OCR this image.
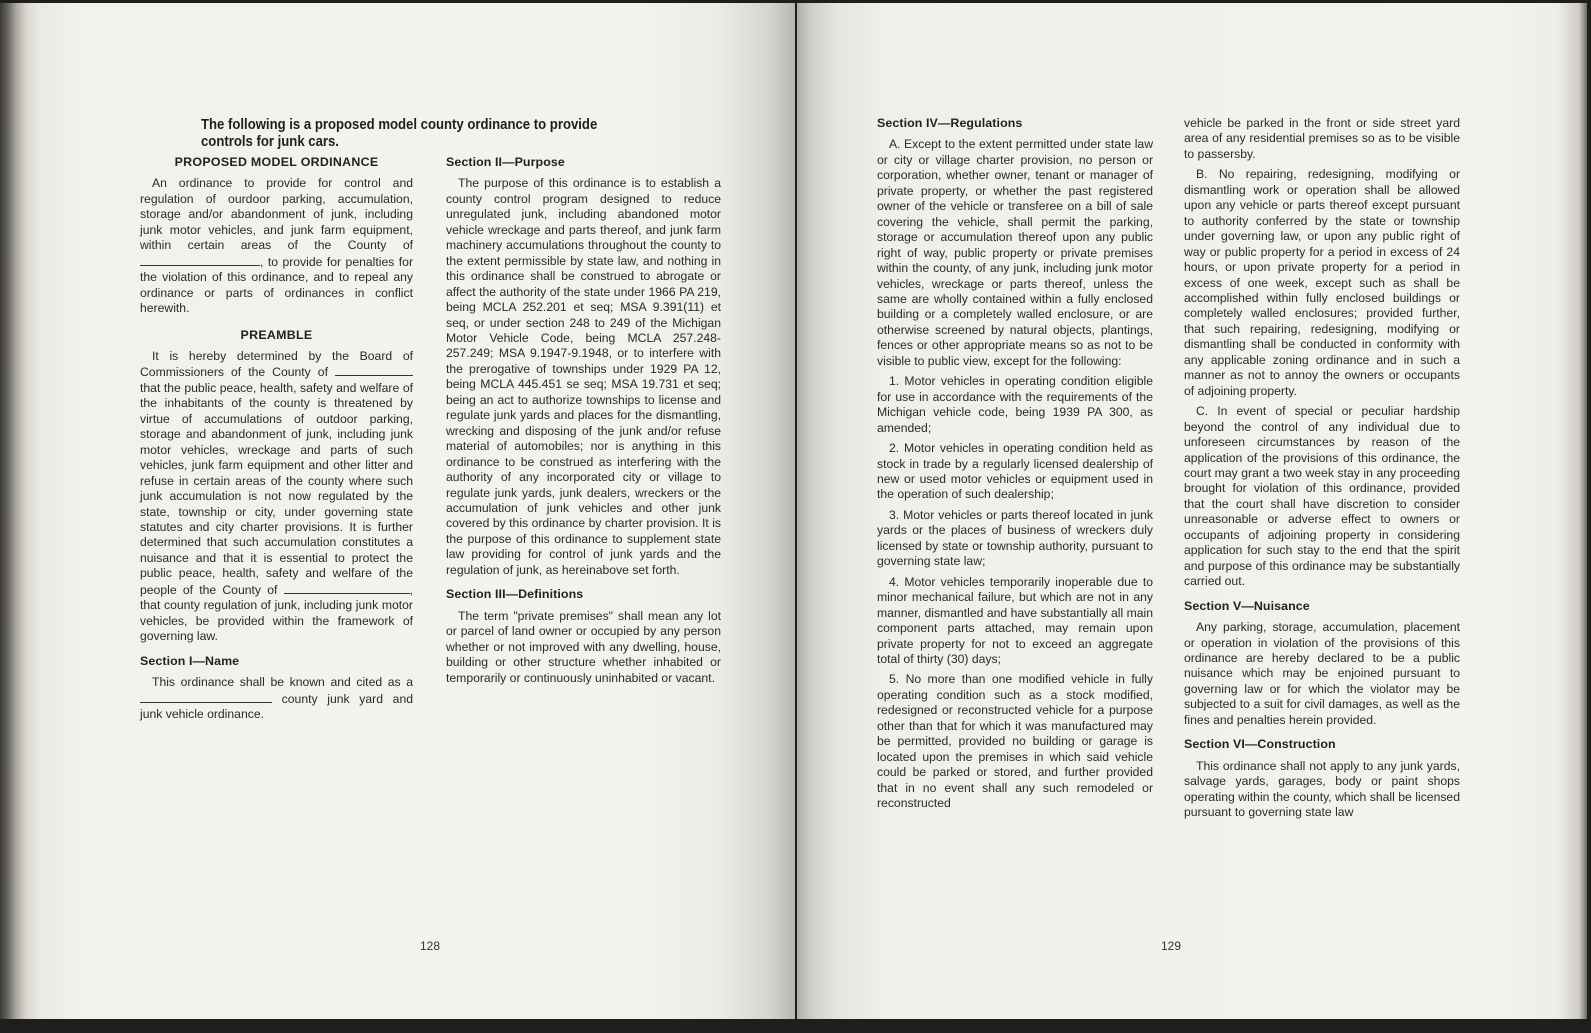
The following is a proposed model county ordinance to provide controls for junk cars.
PROPOSED MODEL ORDINANCE

An ordinance to provide for control and regulation of ourdoor parking, accumulation, storage and/or abandonment of junk, including junk motor vehicles, and junk farm equipment, within certain areas of the County of , to provide for penalties for the violation of this ordinance, and to repeal any ordinance or parts of ordinances in conflict herewith.

PREAMBLE

It is hereby determined by the Board of Commissioners of the County of  that the public peace, health, safety and welfare of the inhabitants of the county is threatened by virtue of accumulations of outdoor parking, storage and abandonment of junk, including junk motor vehicles, wreckage and parts of such vehicles, junk farm equipment and other litter and refuse in certain areas of the county where such junk accumulation is not now regulated by the state, township or city, under governing state statutes and city charter provisions. It is further determined that such accumulation constitutes a nuisance and that it is essential to protect the public peace, health, safety and welfare of the people of the County of	, that county regulation of junk, including junk motor vehicles, be provided within the framework of governing law.

Section I—Name

This ordinance shall be known and cited as a  county junk yard and junk vehicle ordinance.

Section II—Purpose

The purpose of this ordinance is to establish a county control program designed to reduce unregulated junk, including abandoned motor vehicle wreckage and parts thereof, and junk farm machinery accumulations throughout the county to the extent permissible by state law, and nothing in this ordinance shall be construed to abrogate or affect the authority of the state under 1966 PA 219, being MCLA 252.201 et seq; MSA 9.391(11) et seq, or under section 248 to 249 of the Michigan Motor Vehicle Code, being MCLA 257.248-257.249; MSA 9.1947-9.1948, or to interfere with the prerogative of townships under 1929 PA 12, being MCLA 445.451 se seq; MSA 19.731 et seq; being an act to authorize townships to license and regulate junk yards and places for the dismantling, wrecking and disposing of the junk and/or refuse material of automobiles; nor is anything in this ordinance to be construed as interfering with the authority of any incorporated city or village to regulate junk yards, junk dealers, wreckers or the accumulation of junk vehicles and other junk covered by this ordinance by charter provision. It is the purpose of this ordinance to supplement state law providing for control of junk yards and the regulation of junk, as hereinabove set forth.

Section III—Definitions

The term "private premises" shall mean any lot or parcel of land owner or occupied by any person whether or not improved with any dwelling, house, building or other structure whether inhabited or temporarily or continuously uninhabited or vacant.

128
Section IV—Regulations

A. Except to the extent permitted under state law or city or village charter provision, no person or corporation, whether owner, tenant or manager of private property, or whether the past registered owner of the vehicle or transferee on a bill of sale covering the vehicle, shall permit the parking, storage or accumulation thereof upon any public right of way, public property or private premises within the county, of any junk, including junk motor vehicles, wreckage or parts thereof, unless the same are wholly contained within a fully enclosed building or a completely walled enclosure, or are otherwise screened by natural objects, plantings, fences or other appropriate means so as not to be visible to public view, except for the following:

1. Motor vehicles in operating condition eligible for use in accordance with the requirements of the Michigan vehicle code, being 1939 PA 300, as amended;

2. Motor vehicles in operating condition held as stock in trade by a regularly licensed dealership of new or used motor vehicles or equipment used in the operation of such dealership;

3. Motor vehicles or parts thereof located in junk yards or the places of business of wreckers duly licensed by state or township authority, pursuant to governing state law;

4. Motor vehicles temporarily inoperable due to minor mechanical failure, but which are not in any manner, dismantled and have substantially all main component parts attached, may remain upon private property for not to exceed an aggregate total of thirty (30) days;

5. No more than one modified vehicle in fully operating condition such as a stock modified, redesigned or reconstructed vehicle for a purpose other than that for which it was manufactured may be permitted, provided no building or garage is located upon the premises in which said vehicle could be parked or stored, and further provided that in no event shall any such remodeled or reconstructed

vehicle be parked in the front or side street yard area of any residential premises so as to be visible to passersby.

B. No repairing, redesigning, modifying or dismantling work or operation shall be allowed upon any vehicle or parts thereof except pursuant to authority conferred by the state or township under governing law, or upon any public right of way or public property for a period in excess of 24 hours, or upon private property for a period in excess of one week, except such as shall be accomplished within fully enclosed buildings or completely walled enclosures; provided further, that such repairing, redesigning, modifying or dismantling shall be conducted in conformity with any applicable zoning ordinance and in such a manner as not to annoy the owners or occupants of adjoining property.

C. In event of special or peculiar hardship beyond the control of any individual due to unforeseen circumstances by reason of the application of the provisions of this ordinance, the court may grant a two week stay in any proceeding brought for violation of this ordinance, provided that the court shall have discretion to consider unreasonable or adverse effect to owners or occupants of adjoining property in considering application for such stay to the end that the spirit and purpose of this ordinance may be substantially carried out.

Section V—Nuisance

Any parking, storage, accumulation, placement or operation in violation of the provisions of this ordinance are hereby declared to be a public nuisance which may be enjoined pursuant to governing law or for which the violator may be subjected to a suit for civil damages, as well as the fines and penalties herein provided.

Section VI—Construction

This ordinance shall not apply to any junk yards, salvage yards, garages, body or paint shops operating within the county, which shall be licensed pursuant to governing state law

129
